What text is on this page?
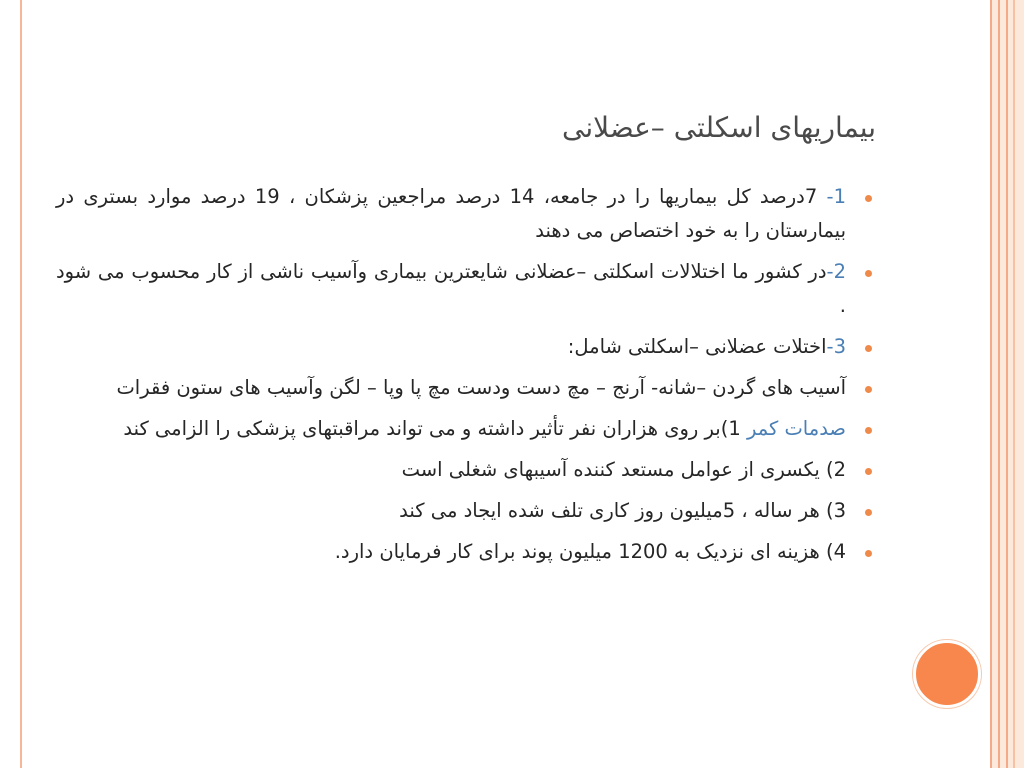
بیماریهای اسکلتی –عضلانی
1- 7درصد کل بیماریها را در جامعه، 14 درصد مراجعین پزشکان ، 19 درصد موارد بستری در بیمارستان را به خود اختصاص می دهند
2-در کشور ما اختلالات اسکلتی –عضلانی شایعترین بیماری وآسیب ناشی از کار محسوب می شود .
3-اختلات عضلانی –اسکلتی شامل:
آسیب های گردن –شانه- آرنج – مچ دست ودست مچ پا وپا – لگن وآسیب های ستون فقرات
صدمات کمر 1)بر روی هزاران نفر تأثیر داشته و می تواند مراقبتهای پزشکی را الزامی کند
2) یکسری از عوامل مستعد کننده آسیبهای شغلی است
3) هر ساله ، 5میلیون روز کاری تلف شده ایجاد می کند
4) هزینه ای نزدیک به 1200 میلیون پوند برای کار فرمایان دارد.
